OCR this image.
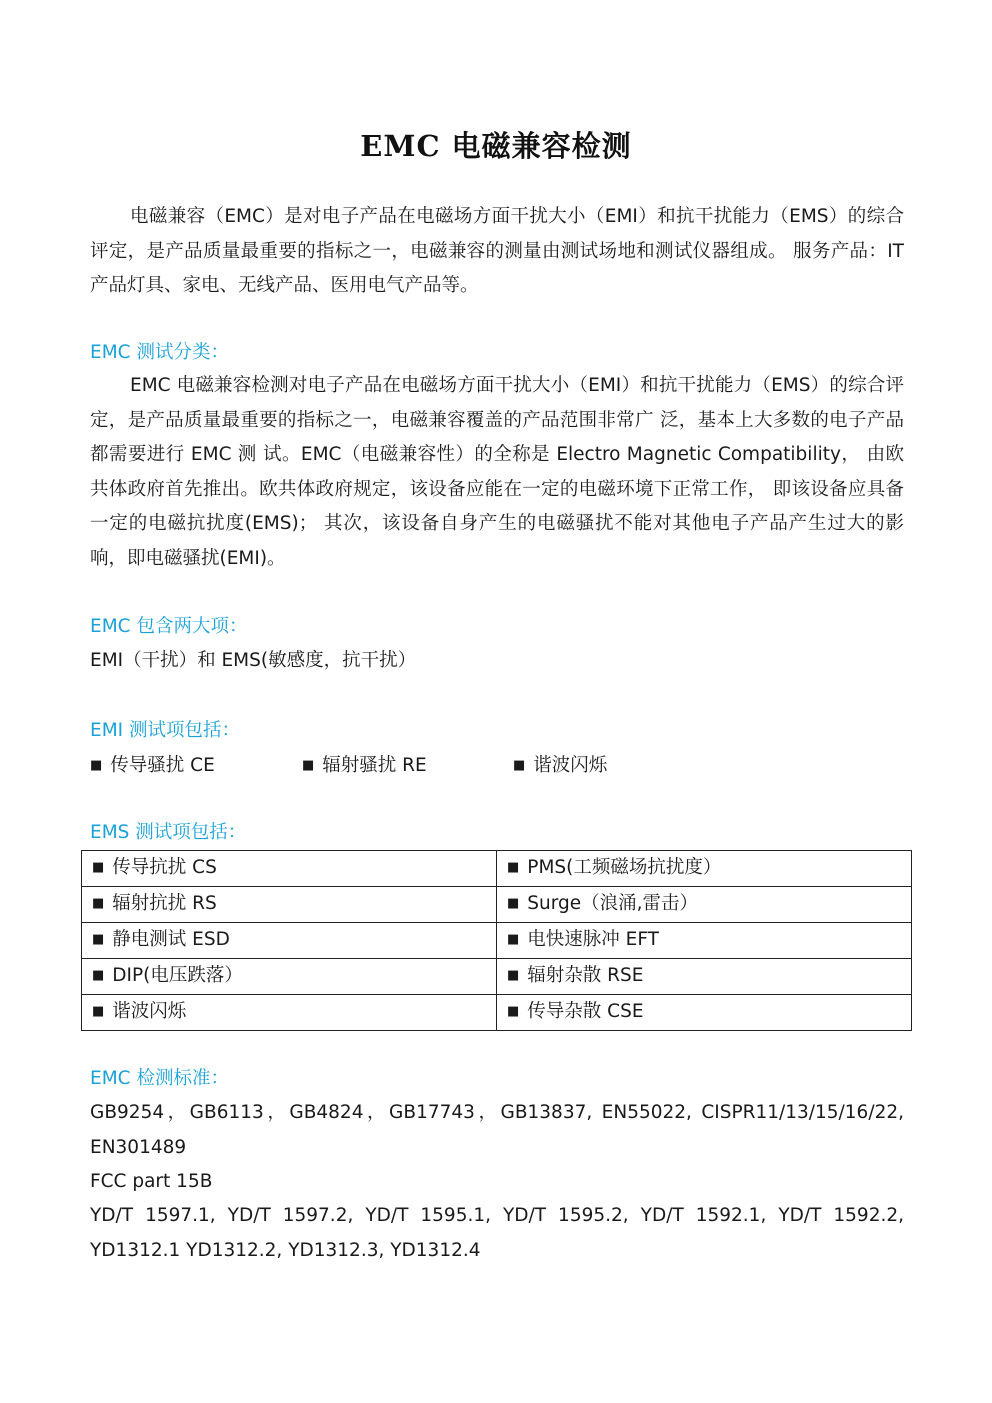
EMC 电磁兼容检测

电磁兼容（EMC）是对电子产品在电磁场方面干扰大小（EMI）和抗干扰能力（EMS）的综合评定，是产品质量最重要的指标之一，电磁兼容的测量由测试场地和测试仪器组成。 服务产品：IT 产品灯具、家电、无线产品、医用电气产品等。

EMC 测试分类：

EMC 电磁兼容检测对电子产品在电磁场方面干扰大小（EMI）和抗干扰能力（EMS）的综合评定，是产品质量最重要的指标之一，电磁兼容覆盖的产品范围非常广 泛，基本上大多数的电子产品都需要进行 EMC 测 试。EMC（电磁兼容性）的全称是 Electro Magnetic Compatibility， 由欧共体政府首先推出。欧共体政府规定，该设备应能在一定的电磁环境下正常工作， 即该设备应具备一定的电磁抗扰度(EMS)； 其次，该设备自身产生的电磁骚扰不能对其他电子产品产生过大的影响，即电磁骚扰(EMI)。

EMC 包含两大项：

EMI（干扰）和 EMS(敏感度，抗干扰）

EMI 测试项包括：
■ 传导骚扰 CE	■ 辐射骚扰 RE	■ 谐波闪烁
EMS 测试项包括：
■ 传导抗扰 CS	■ PMS(工频磁场抗扰度）
■ 辐射抗扰 RS	■ Surge（浪涌,雷击）
■ 静电测试 ESD	■ 电快速脉冲 EFT
■ DIP(电压跌落）	■ 辐射杂散 RSE
■ 谐波闪烁	■ 传导杂散 CSE
EMC 检测标准：

GB9254，GB6113，GB4824，GB17743，GB13837, EN55022, CISPR11/13/15/16/22, EN301489

FCC part 15B

YD/T 1597.1, YD/T 1597.2, YD/T 1595.1, YD/T 1595.2, YD/T 1592.1, YD/T 1592.2, YD1312.1 YD1312.2, YD1312.3, YD1312.4
